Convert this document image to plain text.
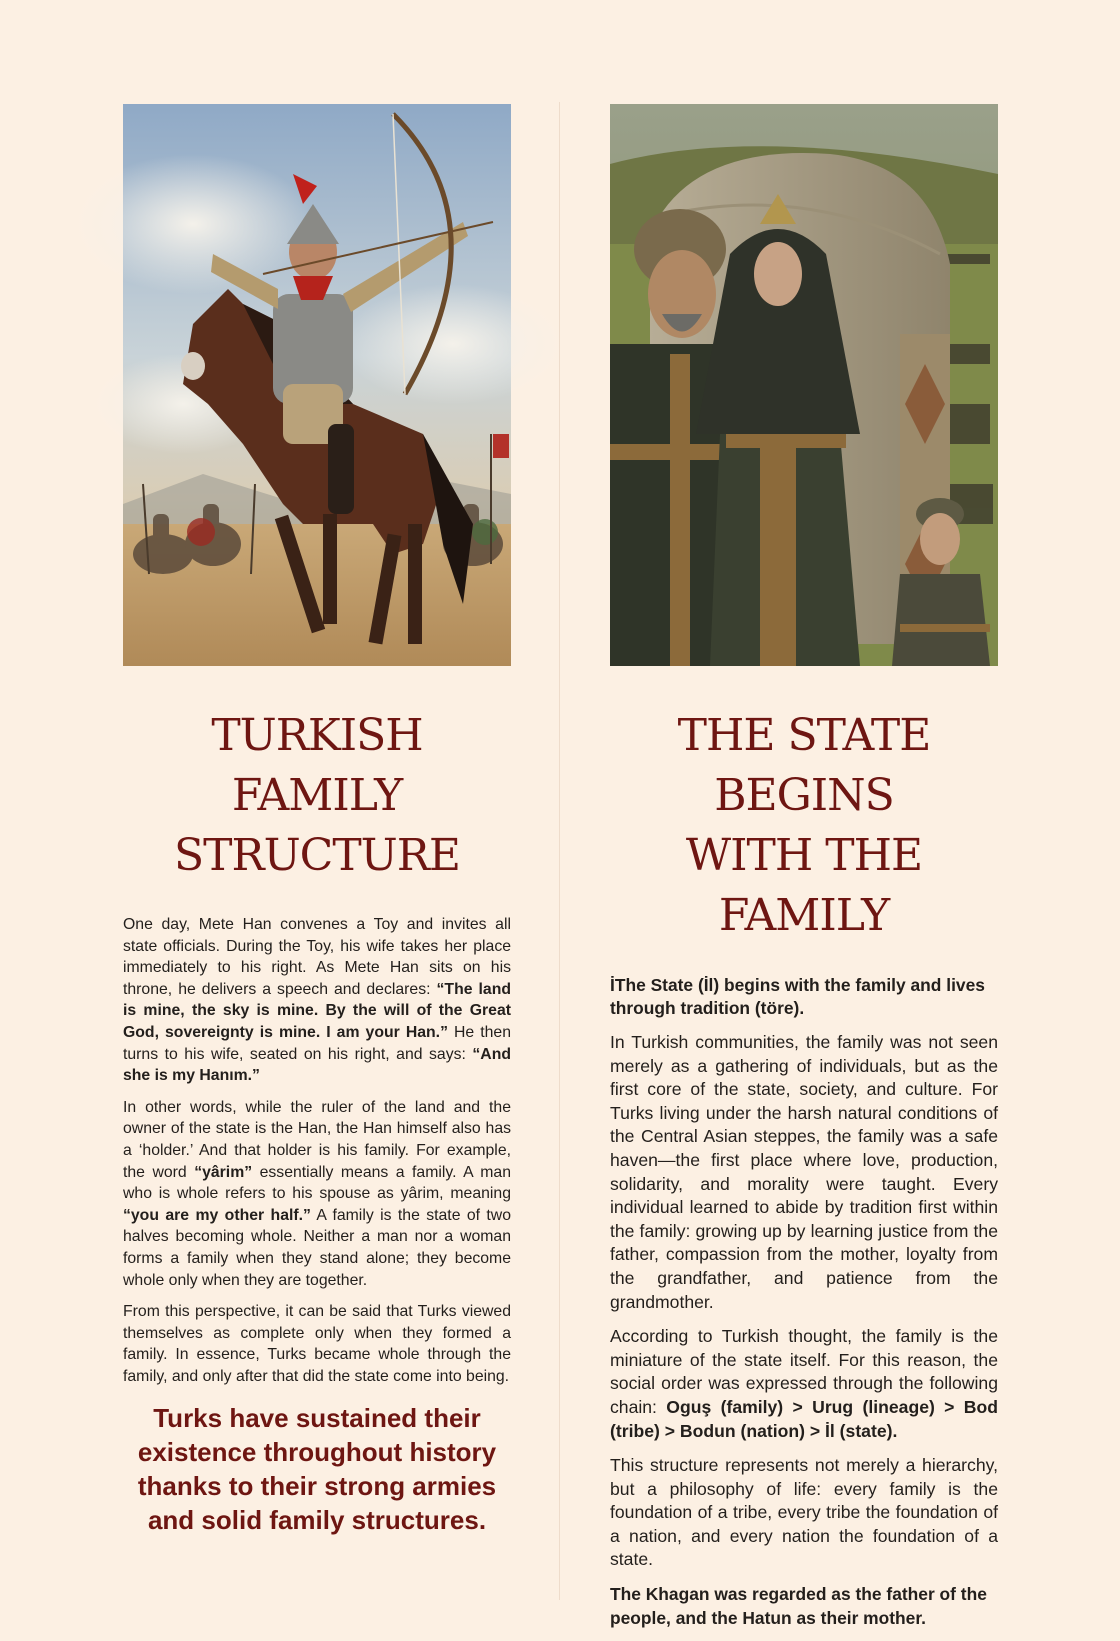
TURKISH FAMILY
STRUCTURE

One day, Mete Han convenes a Toy and invites all state officials. During the Toy, his wife takes her place immediately to his right. As Mete Han sits on his throne, he delivers a speech and declares: “The land is mine, the sky is mine. By the will of the Great God, sovereignty is mine. I am your Han.” He then turns to his wife, seated on his right, and says: “And she is my Hanım.”

In other words, while the ruler of the land and the owner of the state is the Han, the Han himself also has a ‘holder.’ And that holder is his family. For example, the word “yârim” essentially means a family. A man who is whole refers to his spouse as yârim, meaning “you are my other half.” A family is the state of two halves becoming whole. Neither a man nor a woman forms a family when they stand alone; they become whole only when they are together.

From this perspective, it can be said that Turks viewed themselves as complete only when they formed a family. In essence, Turks became whole through the family, and only after that did the state come into being.

Turks have sustained their
existence throughout history
thanks to their strong armies
and solid family structures.
THE STATE BEGINS
WITH THE FAMILY

İThe State (İl) begins with the family and lives through tradition (töre).

In Turkish communities, the family was not seen merely as a gathering of individuals, but as the first core of the state, society, and culture. For Turks living under the harsh natural conditions of the Central Asian steppes, the family was a safe haven—the first place where love, production, solidarity, and morality were taught. Every individual learned to abide by tradition first within the family: growing up by learning justice from the father, compassion from the mother, loyalty from the grandfather, and patience from the grandmother.

According to Turkish thought, the family is the miniature of the state itself. For this reason, the social order was expressed through the following chain: Oguş (family) > Urug (lineage) > Bod (tribe) > Bodun (nation) > İl (state).

This structure represents not merely a hierarchy, but a philosophy of life: every family is the foundation of a tribe, every tribe the foundation of a nation, and every nation the foundation of a state.

The Khagan was regarded as the father of the people, and the Hatun as their mother.
